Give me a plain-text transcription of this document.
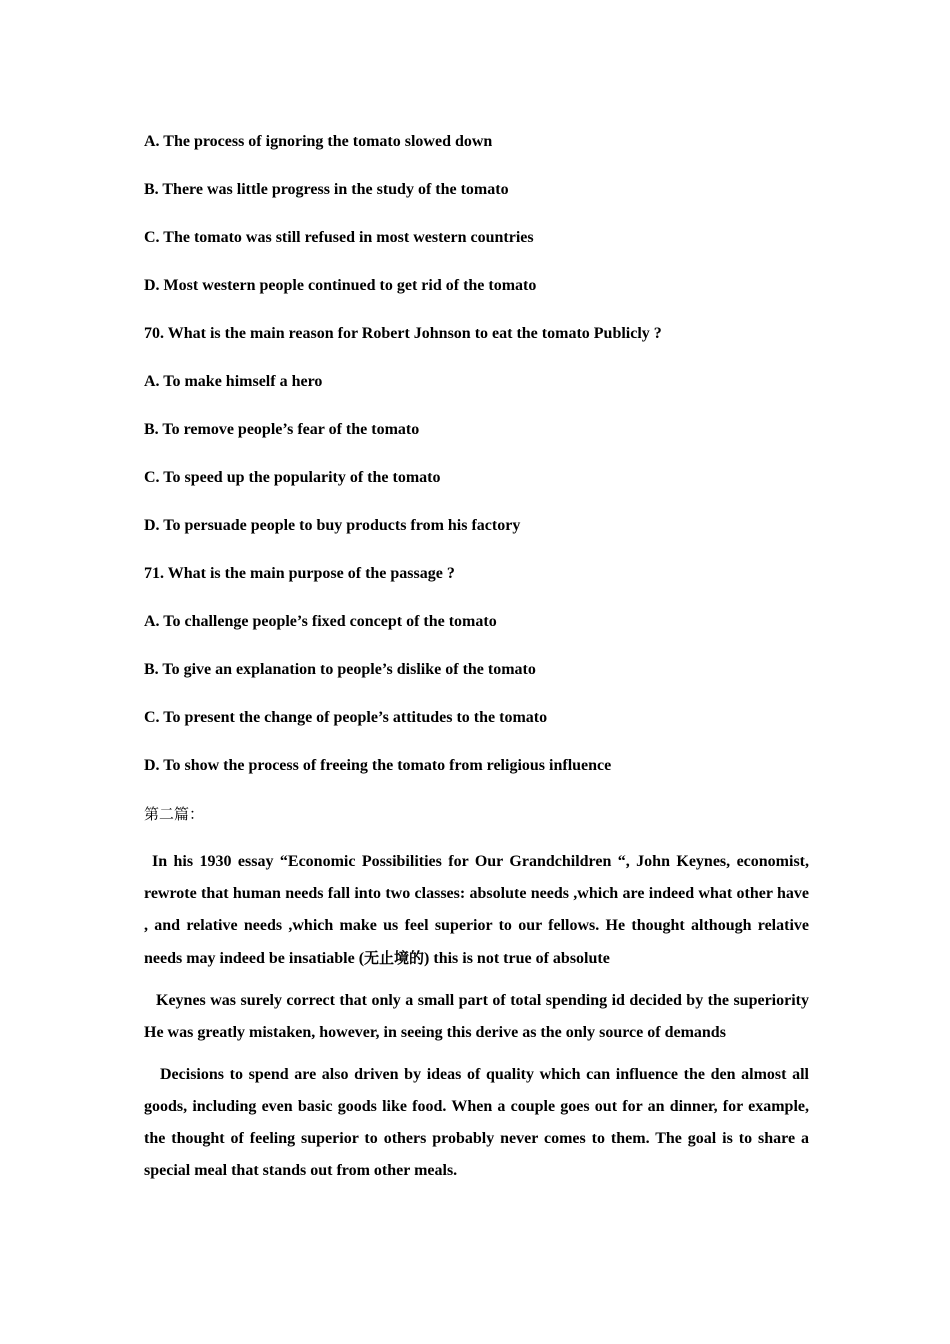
A. The process of ignoring the tomato slowed down
B. There was little progress in the study of the tomato
C. The tomato was still refused in most western countries
D. Most western people continued to get rid of the tomato
70. What is the main reason for Robert Johnson to eat the tomato Publicly ?
A. To make himself a hero
B. To remove people’s fear of the tomato
C. To speed up the popularity of the tomato
D. To persuade people to buy products from his factory
71. What is the main purpose of the passage ?
A. To challenge people’s fixed concept of the tomato
B. To give an explanation to people’s dislike of the tomato
C. To present the change of people’s attitudes to the tomato
D. To show the process of freeing the tomato from religious influence
第二篇：
In his 1930 essay “Economic Possibilities for Our Grandchildren “, John Keynes, economist, rewrote that human needs fall into two classes: absolute needs ,which are indeed what other have , and relative needs ,which make us feel superior to our fellows. He thought although relative needs may indeed be insatiable (无止境的) this is not true of absolute
Keynes was surely correct that only a small part of total spending id decided by the superiority He was greatly mistaken, however, in seeing this derive as the only source of demands
Decisions to spend are also driven by ideas of quality which can influence the den almost all goods, including even basic goods like food. When a couple goes out for an dinner, for example, the thought of feeling superior to others probably never comes to them. The goal is to share a special meal that stands out from other meals.
